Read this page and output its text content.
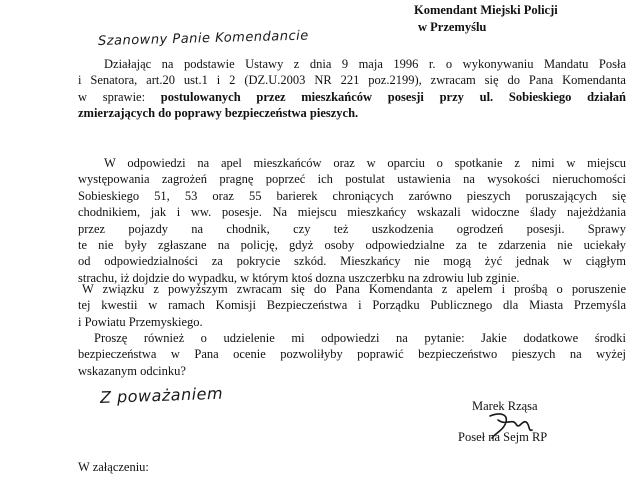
Komendant Miejski Policji
w Przemyślu
Szanowny Panie Komendancie
Działając na podstawie Ustawy z dnia 9 maja 1996 r. o wykonywaniu Mandatu Posła
i Senatora, art.20 ust.1 i 2 (DZ.U.2003 NR 221 poz.2199), zwracam się do Pana Komendanta
w sprawie: postulowanych przez mieszkańców posesji przy ul. Sobieskiego działań
zmierzających do poprawy bezpieczeństwa pieszych.
W odpowiedzi na apel mieszkańców oraz w oparciu o spotkanie z nimi w miejscu
występowania zagrożeń pragnę poprzeć ich postulat ustawienia na wysokości nieruchomości
Sobieskiego 51, 53 oraz 55 barierek chroniących zarówno pieszych poruszających się
chodnikiem, jak i ww. posesje. Na miejscu mieszkańcy wskazali widoczne ślady najeżdżania
przez pojazdy na chodnik, czy też uszkodzenia ogrodzeń posesji. Sprawy
te nie były zgłaszane na policję, gdyż osoby odpowiedzialne za te zdarzenia nie uciekały
od odpowiedzialności za pokrycie szkód. Mieszkańcy nie mogą żyć jednak w ciągłym
strachu, iż dojdzie do wypadku, w którym ktoś dozna uszczerbku na zdrowiu lub zginie.
W związku z powyższym zwracam się do Pana Komendanta z apelem i prośbą o poruszenie
tej kwestii w ramach Komisji Bezpieczeństwa i Porządku Publicznego dla Miasta Przemyśla
i Powiatu Przemyskiego.
Proszę również o udzielenie mi odpowiedzi na pytanie: Jakie dodatkowe środki
bezpieczeństwa w Pana ocenie pozwoliłyby poprawić bezpieczeństwo pieszych na wyżej
wskazanym odcinku?
Z poważaniem	Marek Rząsa
Poseł na Sejm RP
W załączeniu:
